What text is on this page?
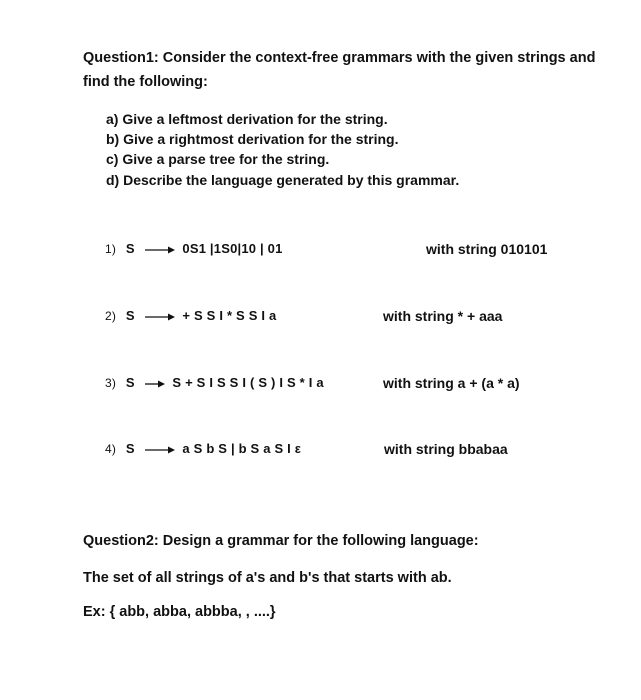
Question1: Consider the context-free grammars with the given strings and
find the following:
a) Give a leftmost derivation for the string.
b) Give a rightmost derivation for the string.
c) Give a parse tree for the string.
d) Describe the language generated by this grammar.
1) S	0S1 |1S0|10 | 01	with string 010101
2) S	+ S S I * S S I a	with string * + aaa
3) S	S + S I S S I ( S ) I S * I a	with string a + (a * a)
4) S	a S b S | b S a S I ε	with string bbabaa
Question2: Design a grammar for the following language:
The set of all strings of a's and b's that starts with ab.
Ex: { abb, abba, abbba, , ....}
